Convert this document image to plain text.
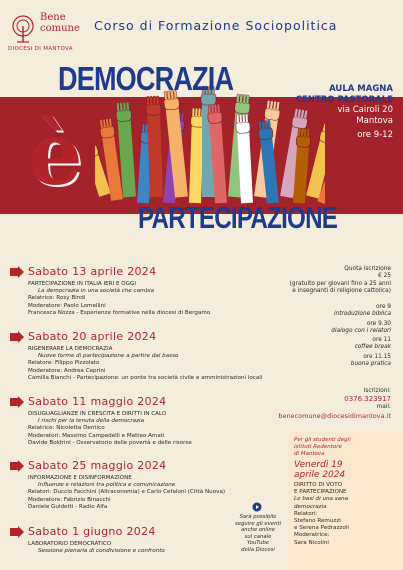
Bene
comune
DIOCESI DI MANTOVA
Corso di Formazione Sociopolitica
DEMOCRAZIA
è
PARTECIPAZIONE
AULA MAGNA
CENTRO PASTORALE
via Cairoli 20
Mantova
ore 9-12
Sabato 13 aprile 2024
PARTECIPAZIONE IN ITALIA IERI E OGGI
La democrazia in una società che cambia
Relatrice: Rosy Bindi
Moderatore: Paolo Lomellini
Francesca Nozza - Esperienze formative nella diocesi di Bergamo
Sabato 20 aprile 2024
RIGENERARE LA DEMOCRAZIA
Nuove forme di partecipazione a partire dal basso
Relatore: Filippo Pizzolato
Moderatore: Andrea Caprini
Camilla Bianchi - Partecipazione: un ponte tra società civile e amministrazioni locali
Sabato 11 maggio 2024
DISUGUAGLIANZE IN CRESCITA E DIRITTI IN CALO
I rischi per la tenuta della democrazia
Relatrice: Nicoletta Dentico
Moderatori: Massimo Campedelli e Matteo Amati
Davide Boldrini - Osservatorio delle povertà e delle risorse
Sabato 25 maggio 2024
INFORMAZIONE E DISINFORMAZIONE
Influenze e relazioni tra politica e comunicazione
Relatori: Duccio Facchini (Altraconomia) e Carlo Cefaloni (Città Nuova)
Moderatore: Fabrizio Binacchi
Daniele Guidetti - Radio Alfa
Sabato 1 giugno 2024
LABORATORIO DEMOCRATICO
Sessione plenaria di condivisione e confronto
Quota iscrizione
€ 25
(gratuito per giovani fino a 25 anni
e insegnanti di religione cattolica)
ore 9
introduzione biblica
ore 9.30
dialogo con i relatori
ore 11
coffee break
ore 11.15
buona pratica
Iscrizioni:
0376.323917
mail:
benecomune@diocesidimantova.it
Per gli studenti degli
istituti Redentore
di Mantova
Venerdì 19
aprile 2024
DIRITTO DI VOTO
E PARTECIPAZIONE
Le basi di una sana
democrazia
Relatori:
Stefano Remuzzi
e Serena Pedrazzoli
Moderatrice:
Sara Nicolini
Sarà possibile
seguire gli eventi
anche online
sul canale YouTube
della Diocesi
